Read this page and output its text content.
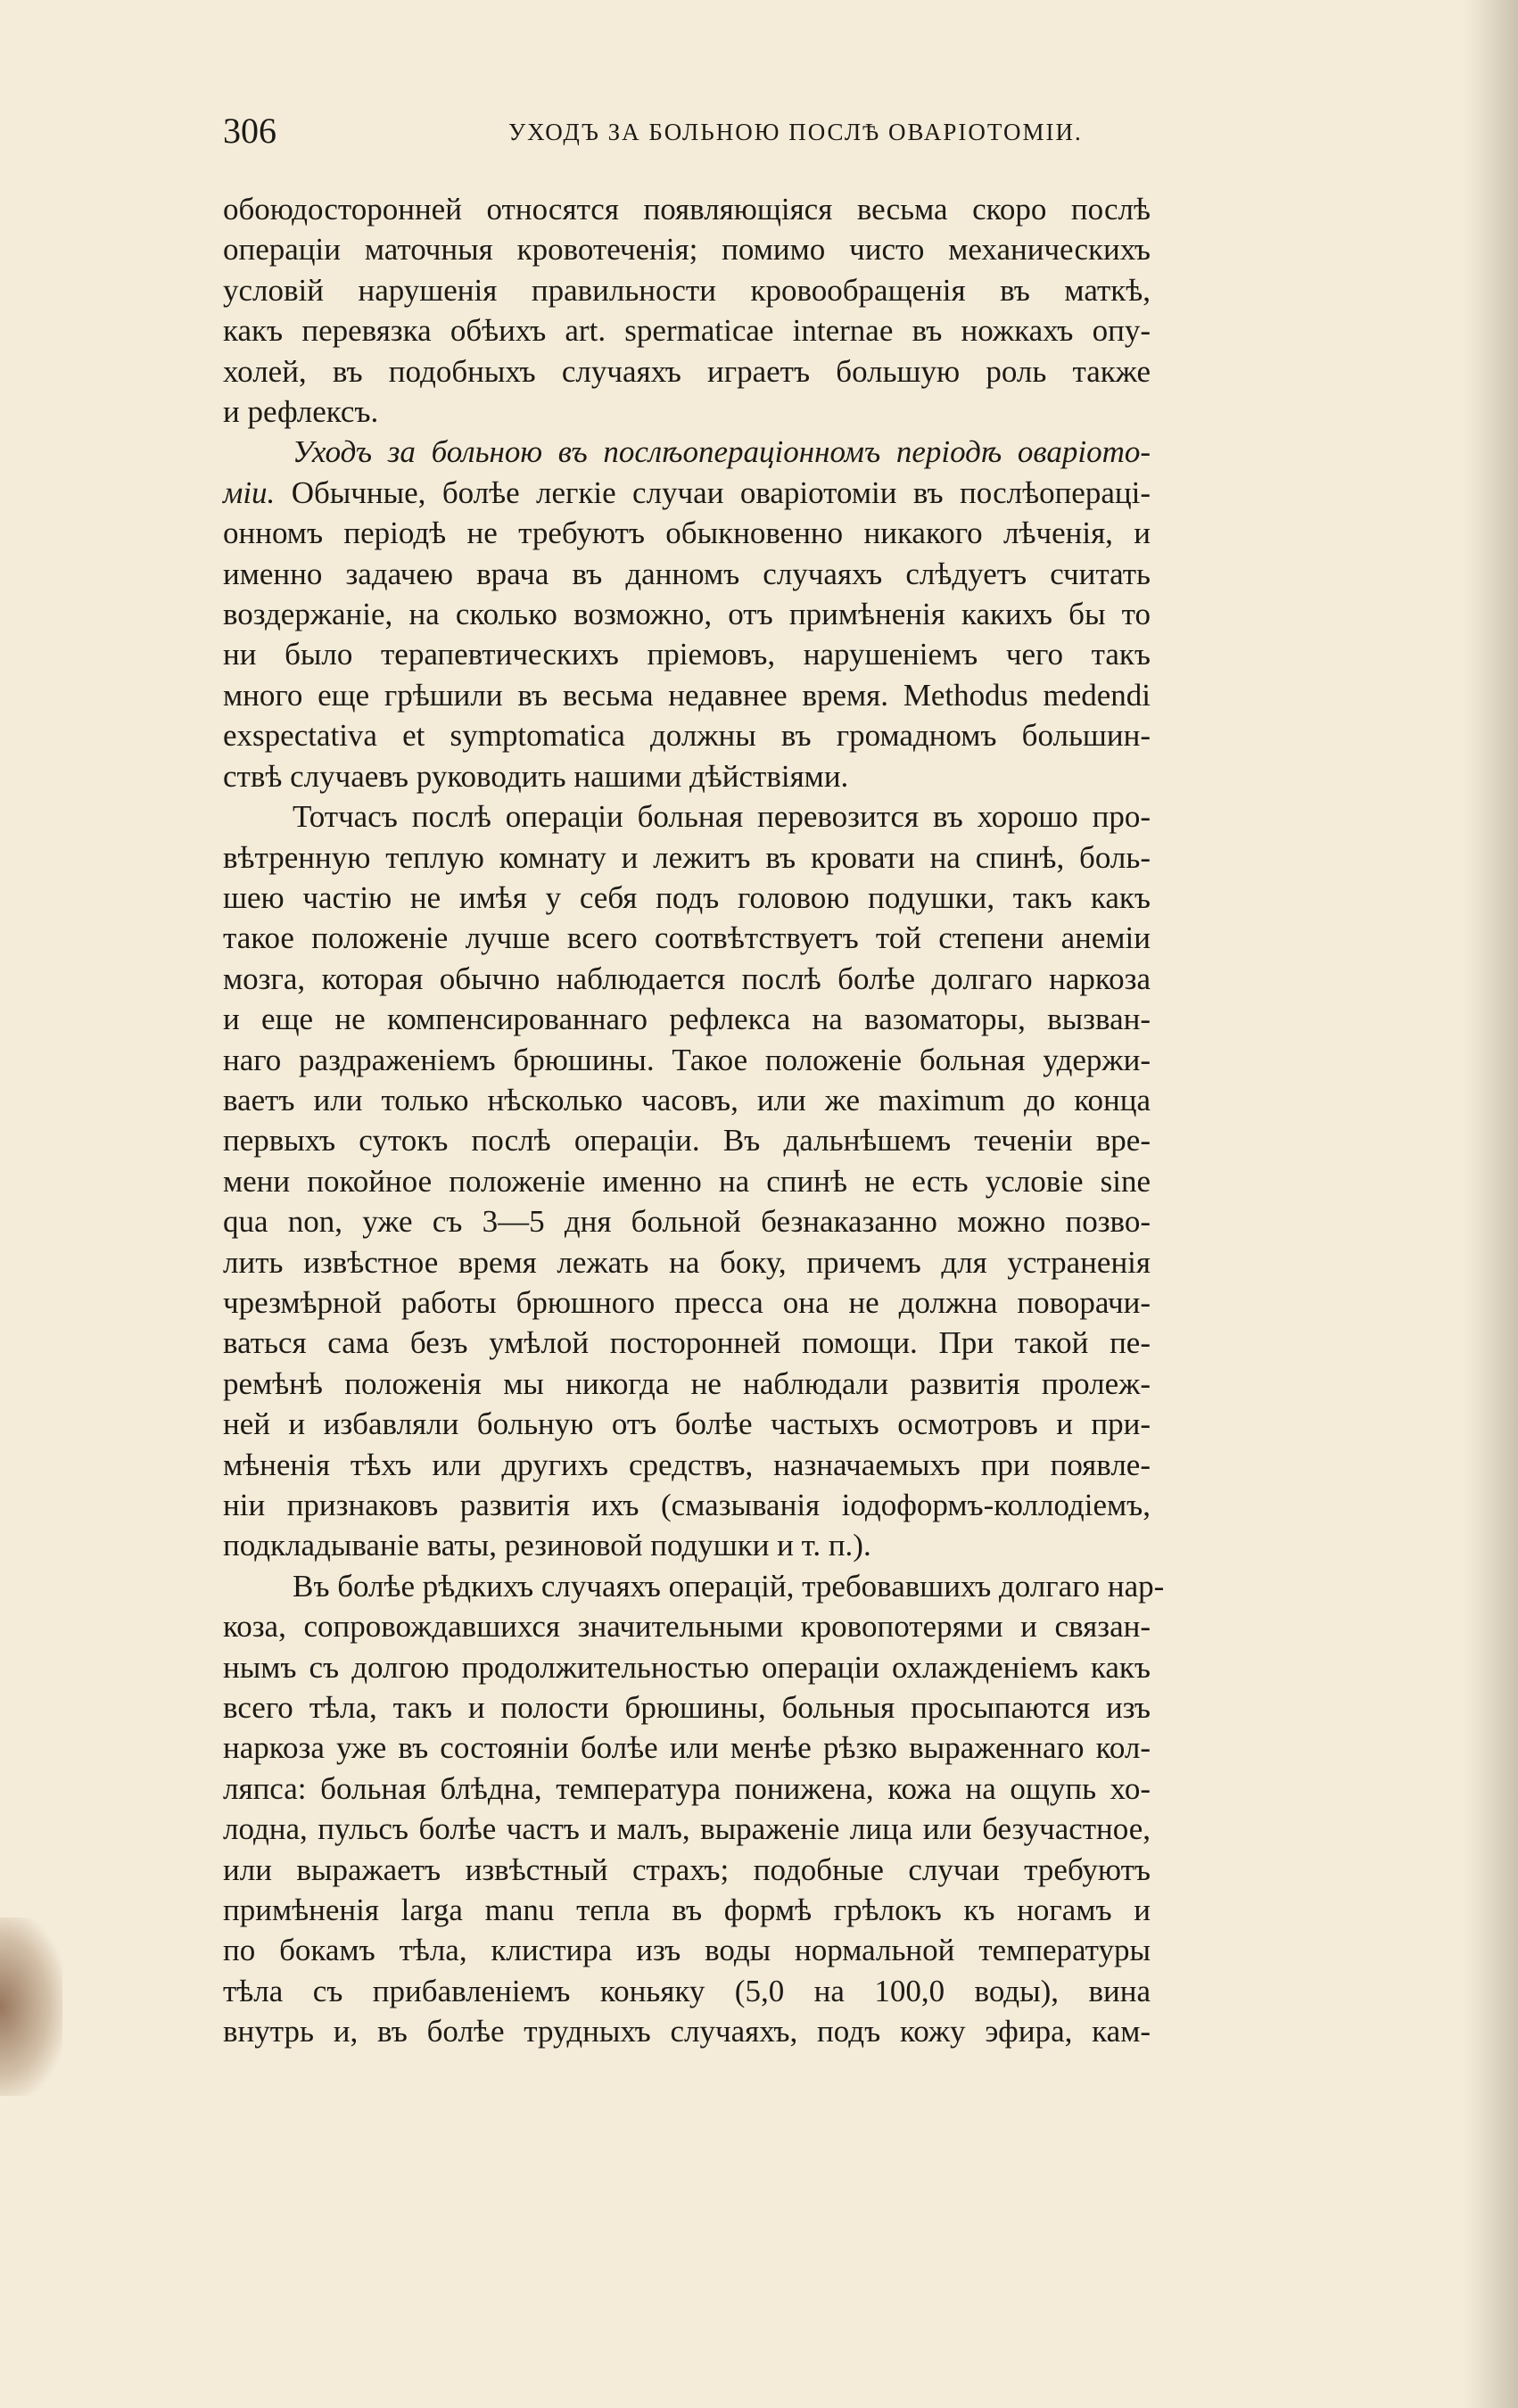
306	УХОДЪ ЗА БОЛЬНОЮ ПОСЛѢ ОВАРІОТОМІИ.

обоюдосторонней относятся появляющіяся весьма скоро послѣ
операціи маточныя кровотеченія; помимо чисто механическихъ
условій нарушенія правильности кровообращенія въ маткѣ,
какъ перевязка обѣихъ art. spermaticae internae въ ножкахъ опу-
холей, въ подобныхъ случаяхъ играетъ большую роль также
и рефлексъ.

Уходъ за больною въ послѣоперaціонномъ періодѣ оваріото-
міи. Обычные, болѣе легкіе случаи оваріотоміи въ послѣопераці-
онномъ періодѣ не требуютъ обыкновенно никакого лѣченія, и
именно задачею врача въ данномъ случаяхъ слѣдуетъ считать
воздержаніе, на сколько возможно, отъ примѣненія какихъ бы то
ни было терапевтическихъ пріемовъ, нарушеніемъ чего такъ
много еще грѣшили въ весьма недавнее время. Methodus medendi
exspectativa et symptomatica должны въ громадномъ большин-
ствѣ случаевъ руководить нашими дѣйствіями.

Тотчасъ послѣ операціи больная перевозится въ хорошо про-
вѣтренную теплую комнату и лежитъ въ кровати на спинѣ, боль-
шею частію не имѣя у себя подъ головою подушки, такъ какъ
такое положеніе лучше всего соотвѣтствуетъ той степени анеміи
мозга, которая обычно наблюдается послѣ болѣе долгаго наркоза
и еще не компенсированнаго рефлекса на вазоматоры, вызван-
наго раздраженіемъ брюшины. Такое положеніе больная удержи-
ваетъ или только нѣсколько часовъ, или же maximum до конца
первыхъ сутокъ послѣ операціи. Въ дальнѣшемъ теченіи вре-
мени покойное положеніе именно на спинѣ не есть условіе sine
qua non, уже съ 3—5 дня больной безнаказанно можно позво-
лить извѣстное время лежать на боку, причемъ для устраненія
чрезмѣрной работы брюшного пресса она не должна поворачи-
ваться сама безъ умѣлой посторонней помощи. При такой пе-
ремѣнѣ положенія мы никогда не наблюдали развитія пролеж-
ней и избавляли больную отъ болѣе частыхъ осмотровъ и при-
мѣненія тѣхъ или другихъ средствъ, назначаемыхъ при появле-
ніи признаковъ развитія ихъ (смазыванія іодоформъ-коллодіемъ,
подкладываніе ваты, резиновой подушки и т. п.).

Въ болѣе рѣдкихъ случаяхъ операцій, требовавшихъ долгаго нар-
коза, сопровождавшихся значительными кровопотерями и связан-
нымъ съ долгою продолжительностью операціи охлажденіемъ какъ
всего тѣла, такъ и полости брюшины, больныя просыпаются изъ
наркоза уже въ состояніи болѣе или менѣе рѣзко выраженнаго кол-
ляпса: больная блѣдна, температура понижена, кожа на ощупь хо-
лодна, пульсъ болѣе частъ и малъ, выраженіе лица или безучастное,
или выражаетъ извѣстный страхъ; подобные случаи требуютъ
примѣненія larga manu тепла въ формѣ грѣлокъ къ ногамъ и
по бокамъ тѣла, клистира изъ воды нормальной температуры
тѣла съ прибавленіемъ коньяку (5,0 на 100,0 воды), вина
внутрь и, въ болѣе трудныхъ случаяхъ, подъ кожу эфира, кам-
